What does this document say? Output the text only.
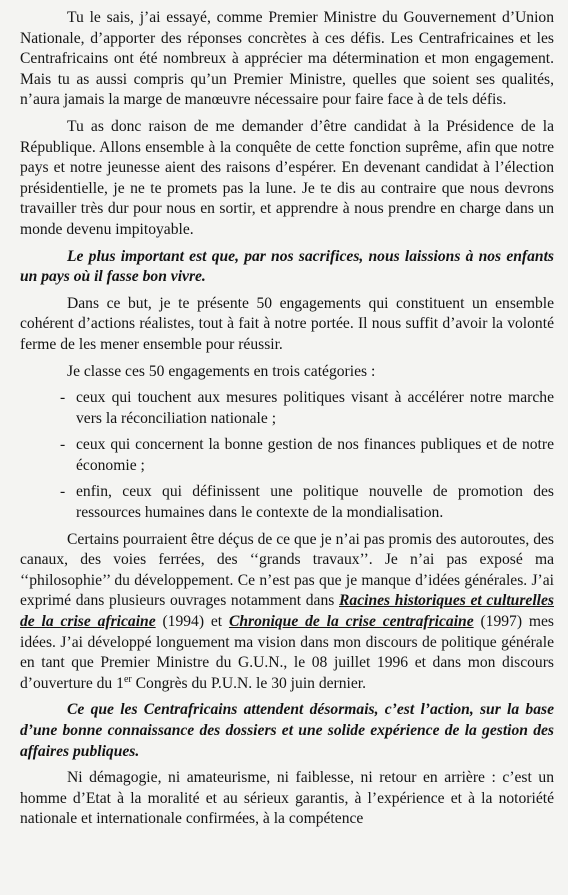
Tu le sais, j’ai essayé, comme Premier Ministre du Gouvernement d’Union Nationale, d’apporter des réponses concrètes à ces défis. Les Centrafricaines et les Centrafricains ont été nombreux à apprécier ma détermination et mon engagement. Mais tu as aussi compris qu’un Premier Ministre, quelles que soient ses qualités, n’aura jamais la marge de manœuvre nécessaire pour faire face à de tels défis.

Tu as donc raison de me demander d’être candidat à la Présidence de la République. Allons ensemble à la conquête de cette fonction suprême, afin que notre pays et notre jeunesse aient des raisons d’espérer. En devenant candidat à l’élection présidentielle, je ne te promets pas la lune. Je te dis au contraire que nous devrons travailler très dur pour nous en sortir, et apprendre à nous prendre en charge dans un monde devenu impitoyable.

Le plus important est que, par nos sacrifices, nous laissions à nos enfants un pays où il fasse bon vivre.

Dans ce but, je te présente 50 engagements qui constituent un ensemble cohérent d’actions réalistes, tout à fait à notre portée. Il nous suffit d’avoir la volonté ferme de les mener ensemble pour réussir.

Je classe ces 50 engagements en trois catégories :

- ceux qui touchent aux mesures politiques visant à accélérer notre marche vers la réconciliation nationale ;
- ceux qui concernent la bonne gestion de nos finances publiques et de notre économie ;
- enfin, ceux qui définissent une politique nouvelle de promotion des ressources humaines dans le contexte de la mondialisation.

Certains pourraient être déçus de ce que je n’ai pas promis des autoroutes, des canaux, des voies ferrées, des ‘‘grands travaux’’. Je n’ai pas exposé ma ‘‘philosophie’’ du développement. Ce n’est pas que je manque d’idées générales. J’ai exprimé dans plusieurs ouvrages notamment dans Racines historiques et culturelles de la crise africaine (1994) et Chronique de la crise centrafricaine (1997) mes idées. J’ai développé longuement ma vision dans mon discours de politique générale en tant que Premier Ministre du G.U.N., le 08 juillet 1996 et dans mon discours d’ouverture du 1er Congrès du P.U.N. le 30 juin dernier.

Ce que les Centrafricains attendent désormais, c’est l’action, sur la base d’une bonne connaissance des dossiers et une solide expérience de la gestion des affaires publiques.

Ni démagogie, ni amateurisme, ni faiblesse, ni retour en arrière : c’est un homme d’Etat à la moralité et au sérieux garantis, à l’expérience et à la notoriété nationale et internationale confirmées, à la compétence
